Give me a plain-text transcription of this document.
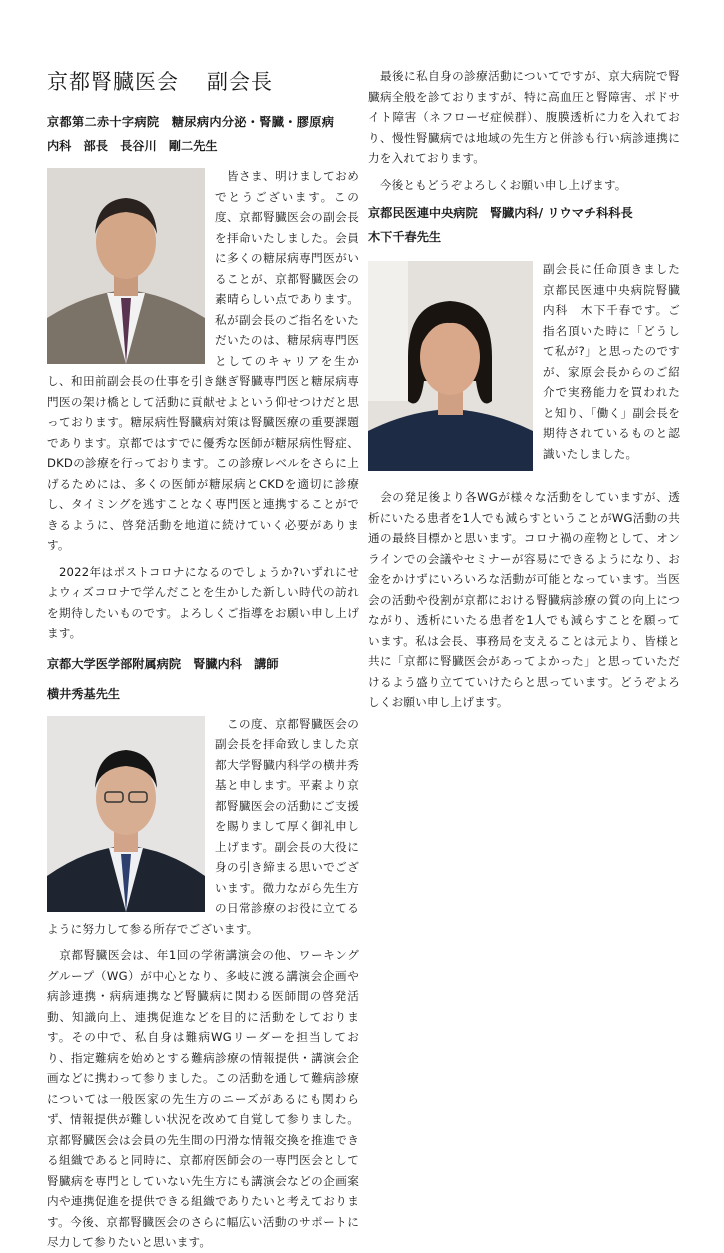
京都腎臓医会 副会長
京都第二赤十字病院　糖尿病内分泌・腎臓・膠原病
内科　部長　長谷川　剛二先生

　皆さま、明けましておめでとうございます。この度、京都腎臓医会の副会長を拝命いたしました。会員に多くの糖尿病専門医がいることが、京都腎臓医会の素晴らしい点であります。私が副会長のご指名をいただいたのは、糖尿病専門医としてのキャリアを生かし、和田前副会長の仕事を引き継ぎ腎臓専門医と糖尿病専門医の架け橋として活動に貢献せよという仰せつけだと思っております。糖尿病性腎臓病対策は腎臓医療の重要課題であります。京都ではすでに優秀な医師が糖尿病性腎症、DKDの診療を行っております。この診療レベルをさらに上げるためには、多くの医師が糖尿病とCKDを適切に診療し、タイミングを逃すことなく専門医と連携することができるように、啓発活動を地道に続けていく必要があります。

　2022年はポストコロナになるのでしょうか?いずれにせよウィズコロナで学んだことを生かした新しい時代の訪れを期待したいものです。よろしくご指導をお願い申し上げます。

京都大学医学部附属病院　腎臓内科　講師
横井秀基先生

　この度、京都腎臓医会の副会長を拝命致しました京都大学腎臓内科学の横井秀基と申します。平素より京都腎臓医会の活動にご支援を賜りまして厚く御礼申し上げます。副会長の大役に身の引き締まる思いでございます。微力ながら先生方の日常診療のお役に立てるように努力して参る所存でございます。

　京都腎臓医会は、年1回の学術講演会の他、ワーキンググループ（WG）が中心となり、多岐に渡る講演会企画や病診連携・病病連携など腎臓病に関わる医師間の啓発活動、知識向上、連携促進などを目的に活動をしております。その中で、私自身は難病WGリーダーを担当しており、指定難病を始めとする難病診療の情報提供・講演会企画などに携わって参りました。この活動を通して難病診療については一般医家の先生方のニーズがあるにも関わらず、情報提供が難しい状況を改めて自覚して参りました。京都腎臓医会は会員の先生間の円滑な情報交換を推進できる組織であると同時に、京都府医師会の一専門医会として腎臓病を専門としていない先生方にも講演会などの企画案内や連携促進を提供できる組織でありたいと考えております。今後、京都腎臓医会のさらに幅広い活動のサポートに尽力して参りたいと思います。

　最後に私自身の診療活動についてですが、京大病院で腎臓病全般を診ておりますが、特に高血圧と腎障害、ポドサイト障害（ネフローゼ症候群）、腹膜透析に力を入れており、慢性腎臓病では地域の先生方と併診も行い病診連携に力を入れております。

　今後ともどうぞよろしくお願い申し上げます。

京都民医連中央病院　腎臓内科/ リウマチ科科長
木下千春先生

副会長に任命頂きました京都民医連中央病院腎臓内科　木下千春です。ご指名頂いた時に「どうして私が?」と思ったのですが、家原会長からのご紹介で実務能力を買われたと知り、「働く」副会長を期待されているものと認識いたしました。

　会の発足後より各WGが様々な活動をしていますが、透析にいたる患者を1人でも減らすということがWG活動の共通の最終目標かと思います。コロナ禍の産物として、オンラインでの会議やセミナーが容易にできるようになり、お金をかけずにいろいろな活動が可能となっています。当医会の活動や役割が京都における腎臓病診療の質の向上につながり、透析にいたる患者を1人でも減らすことを願っています。私は会長、事務局を支えることは元より、皆様と共に「京都に腎臓医会があってよかった」と思っていただけるよう盛り立てていけたらと思っています。どうぞよろしくお願い申し上げます。
